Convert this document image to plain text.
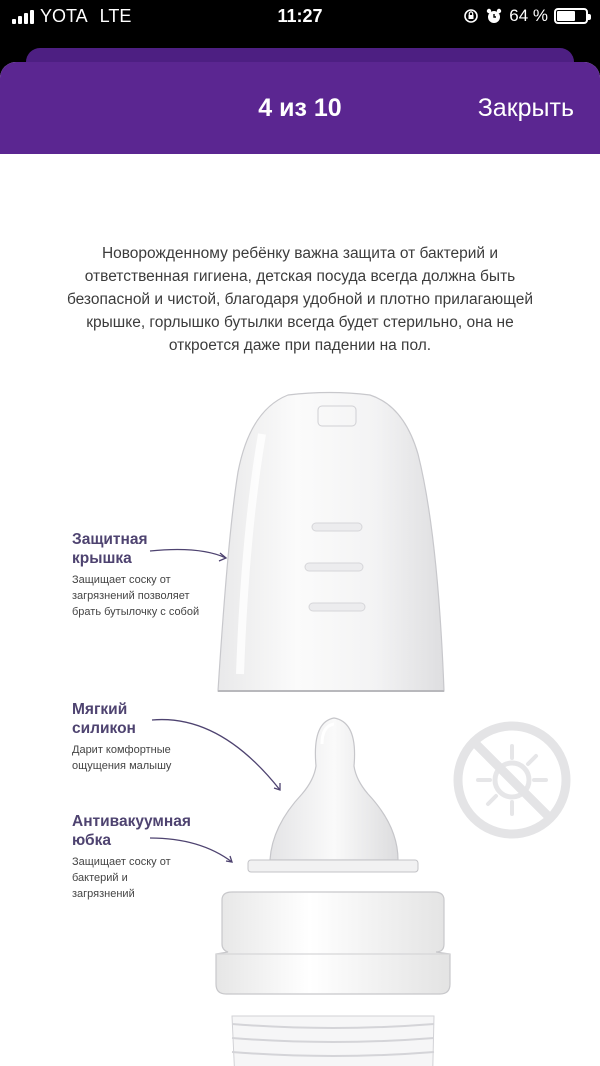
YOTA LTE	11:27	64 %
4 из 10	Закрыть
Новорожденному ребёнку важна защита от бактерий и ответственная гигиена, детская посуда всегда должна быть безопасной и чистой, благодаря удобной и плотно прилагающей крышке, горлышко бутылки всегда будет стерильно, она не откроется даже при падении на пол.
Защитная крышка
Защищает соску от загрязнений позволяет брать бутылочку с собой
Мягкий силикон
Дарит комфортные ощущения малышу
Антивакуумная юбка
Защищает соску от бактерий и загрязнений
